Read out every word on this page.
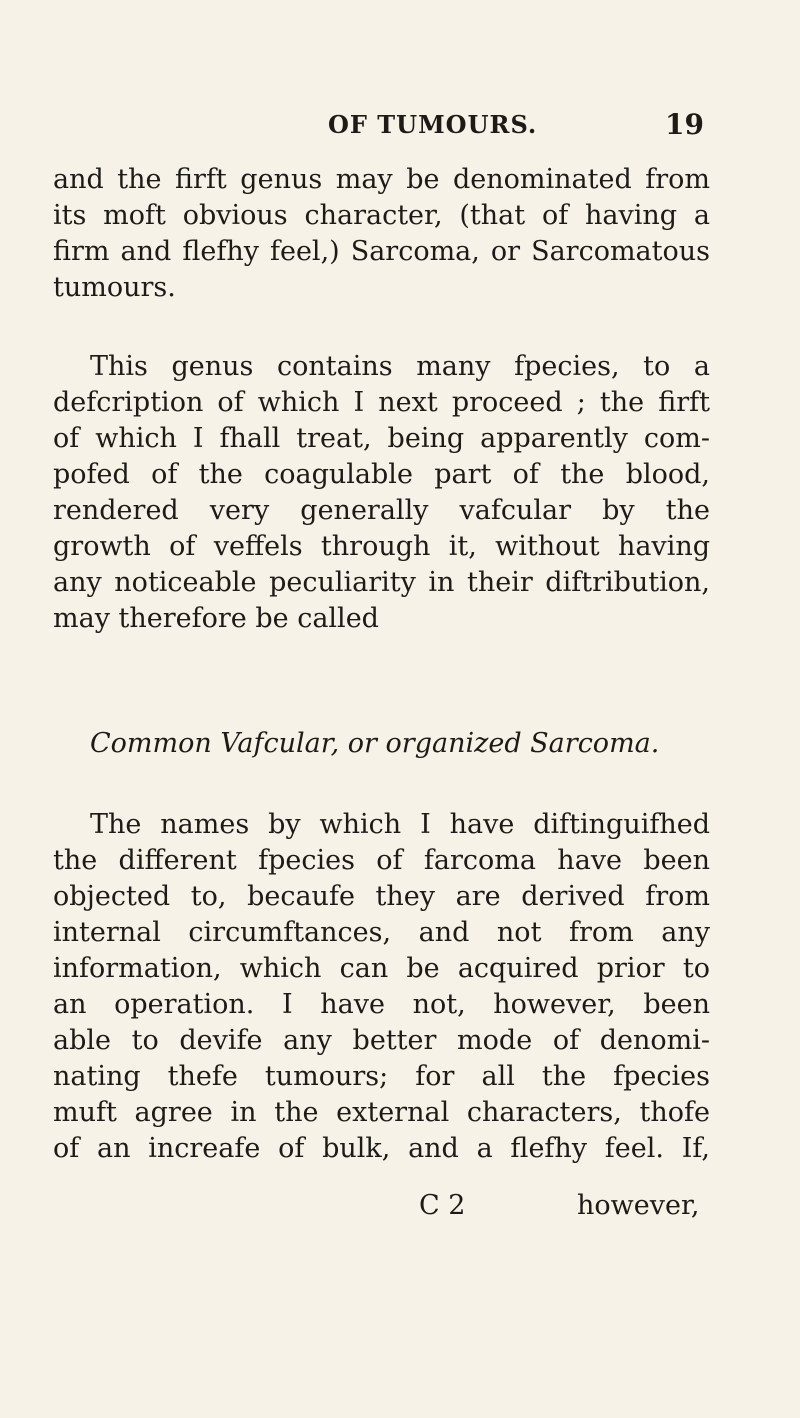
OF TUMOURS.	19
and the firft genus may be denominated from
its moft obvious character, (that of having a
firm and flefhy feel,) Sarcoma, or Sarcomatous
tumours.
This genus contains many fpecies, to a
defcription of which I next proceed ; the firft
of which I fhall treat, being apparently com-
pofed of the coagulable part of the blood,
rendered very generally vafcular by the
growth of veffels through it, without having
any noticeable peculiarity in their diftribution,
may therefore be called
Common Vafcular, or organized Sarcoma.
The names by which I have diftinguifhed
the different fpecies of farcoma have been
objected to, becaufe they are derived from
internal circumftances, and not from any
information, which can be acquired prior to
an operation. I have not, however, been
able to devife any better mode of denomi-
nating thefe tumours; for all the fpecies
muft agree in the external characters, thofe
of an increafe of bulk, and a flefhy feel. If,
C 2	however,
